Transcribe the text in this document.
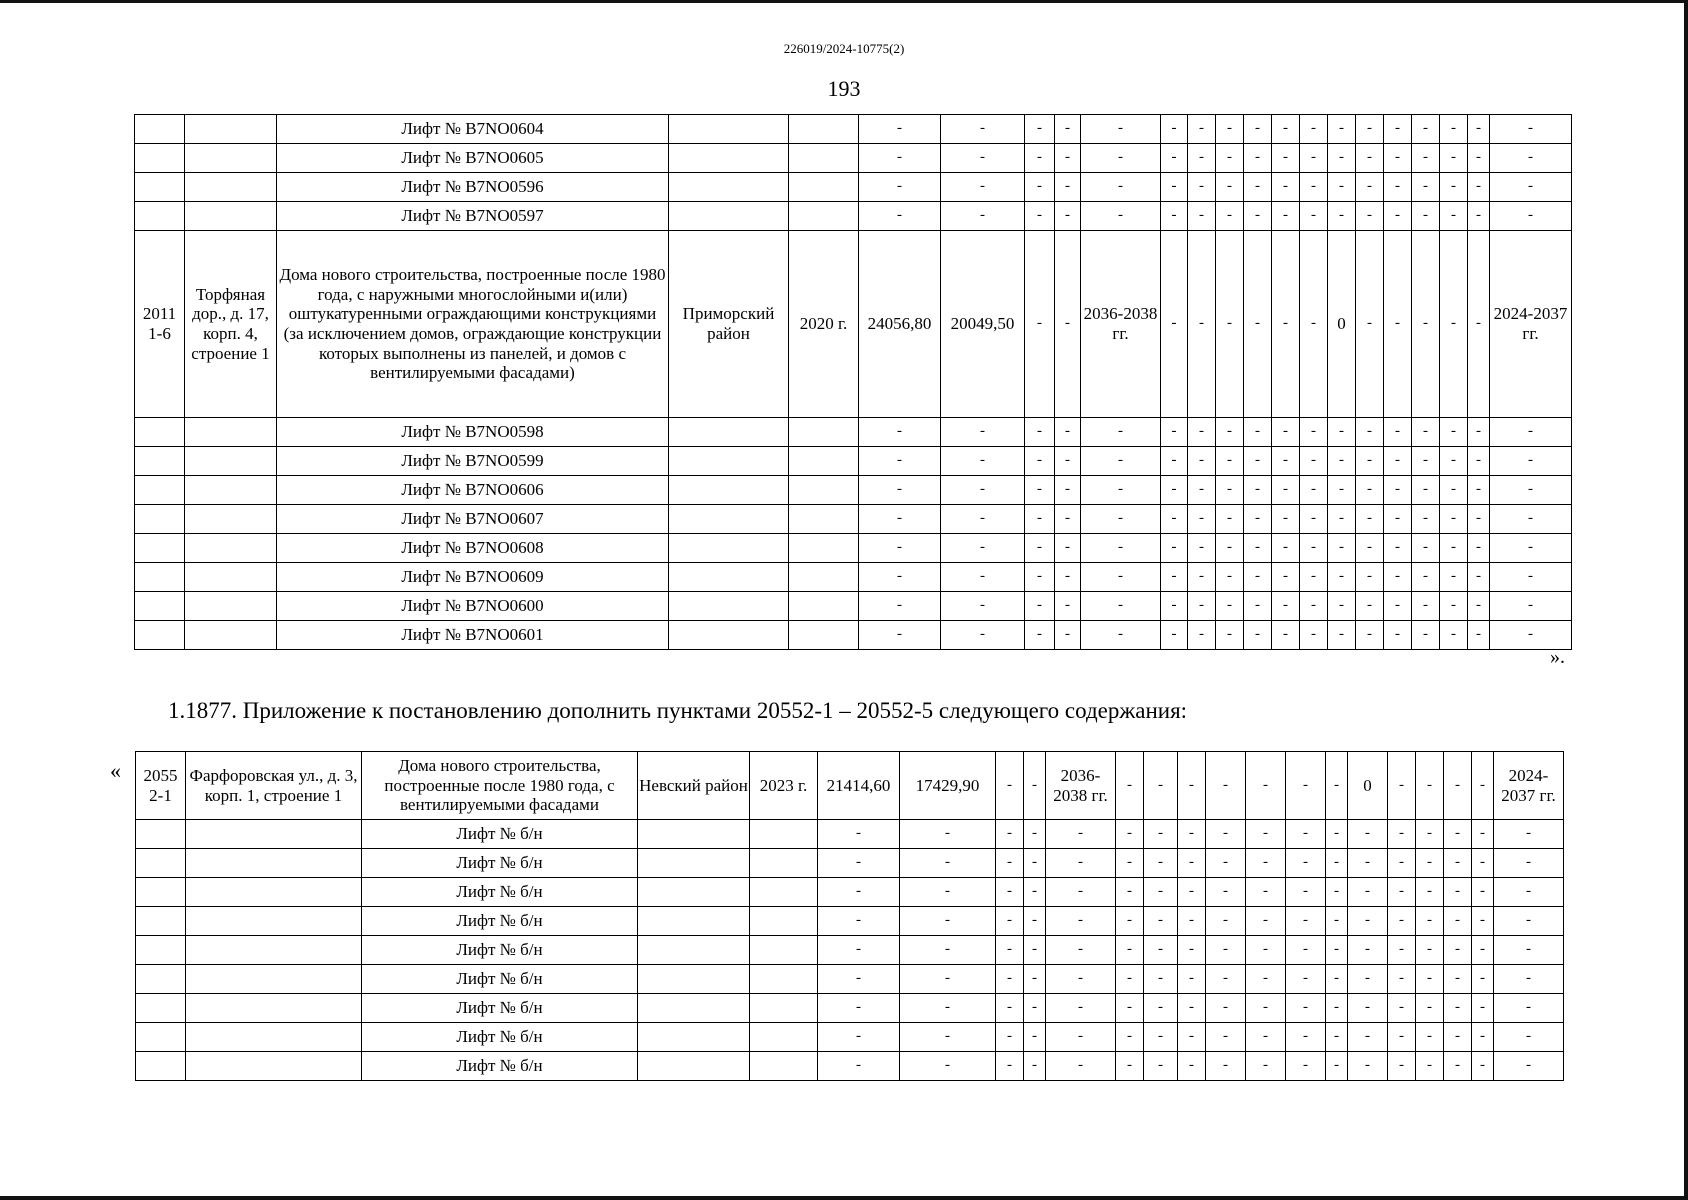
226019/2024-10775(2)
193
		Лифт № В7NO0604			-	-	-	-	-	-	-	-	-	-	-	-	-	-	-	-	-	-
		Лифт № В7NO0605			-	-	-	-	-	-	-	-	-	-	-	-	-	-	-	-	-	-
		Лифт № В7NO0596			-	-	-	-	-	-	-	-	-	-	-	-	-	-	-	-	-	-
		Лифт № В7NO0597			-	-	-	-	-	-	-	-	-	-	-	-	-	-	-	-	-	-
2011 1-6	Торфяная дор., д. 17, корп. 4, строение 1	Дома нового строительства, построенные после 1980 года, с наружными многослойными и(или) оштукатуренными ограждающими конструкциями (за исключением домов, ограждающие конструкции которых выполнены из панелей, и домов с вентилируемыми фасадами)	Приморский район	2020 г.	24056,80	20049,50	-	-	2036-2038 гг.	-	-	-	-	-	-	0	-	-	-	-	-	2024-2037 гг.
		Лифт № В7NO0598			-	-	-	-	-	-	-	-	-	-	-	-	-	-	-	-	-	-
		Лифт № В7NO0599			-	-	-	-	-	-	-	-	-	-	-	-	-	-	-	-	-	-
		Лифт № В7NO0606			-	-	-	-	-	-	-	-	-	-	-	-	-	-	-	-	-	-
		Лифт № В7NO0607			-	-	-	-	-	-	-	-	-	-	-	-	-	-	-	-	-	-
		Лифт № В7NO0608			-	-	-	-	-	-	-	-	-	-	-	-	-	-	-	-	-	-
		Лифт № В7NO0609			-	-	-	-	-	-	-	-	-	-	-	-	-	-	-	-	-	-
		Лифт № В7NO0600			-	-	-	-	-	-	-	-	-	-	-	-	-	-	-	-	-	-
		Лифт № В7NO0601			-	-	-	-	-	-	-	-	-	-	-	-	-	-	-	-	-	-
».
1.1877. Приложение к постановлению дополнить пунктами 20552-1 – 20552-5 следующего содержания:
« 2055 2-1	Фарфоровская ул., д. 3, корп. 1, строение 1	Дома нового строительства, построенные после 1980 года, с вентилируемыми фасадами	Невский район	2023 г.	21414,60	17429,90	-	-	2036-2038 гг.	-	-	-	-	-	-	-	0	-	-	-	-	2024-2037 гг.
		Лифт № б/н			-	-	-	-	-	-	-	-	-	-	-	-	-	-	-	-	-	-
		Лифт № б/н			-	-	-	-	-	-	-	-	-	-	-	-	-	-	-	-	-	-
		Лифт № б/н			-	-	-	-	-	-	-	-	-	-	-	-	-	-	-	-	-	-
		Лифт № б/н			-	-	-	-	-	-	-	-	-	-	-	-	-	-	-	-	-	-
		Лифт № б/н			-	-	-	-	-	-	-	-	-	-	-	-	-	-	-	-	-	-
		Лифт № б/н			-	-	-	-	-	-	-	-	-	-	-	-	-	-	-	-	-	-
		Лифт № б/н			-	-	-	-	-	-	-	-	-	-	-	-	-	-	-	-	-	-
		Лифт № б/н			-	-	-	-	-	-	-	-	-	-	-	-	-	-	-	-	-	-
		Лифт № б/н			-	-	-	-	-	-	-	-	-	-	-	-	-	-	-	-	-	-
